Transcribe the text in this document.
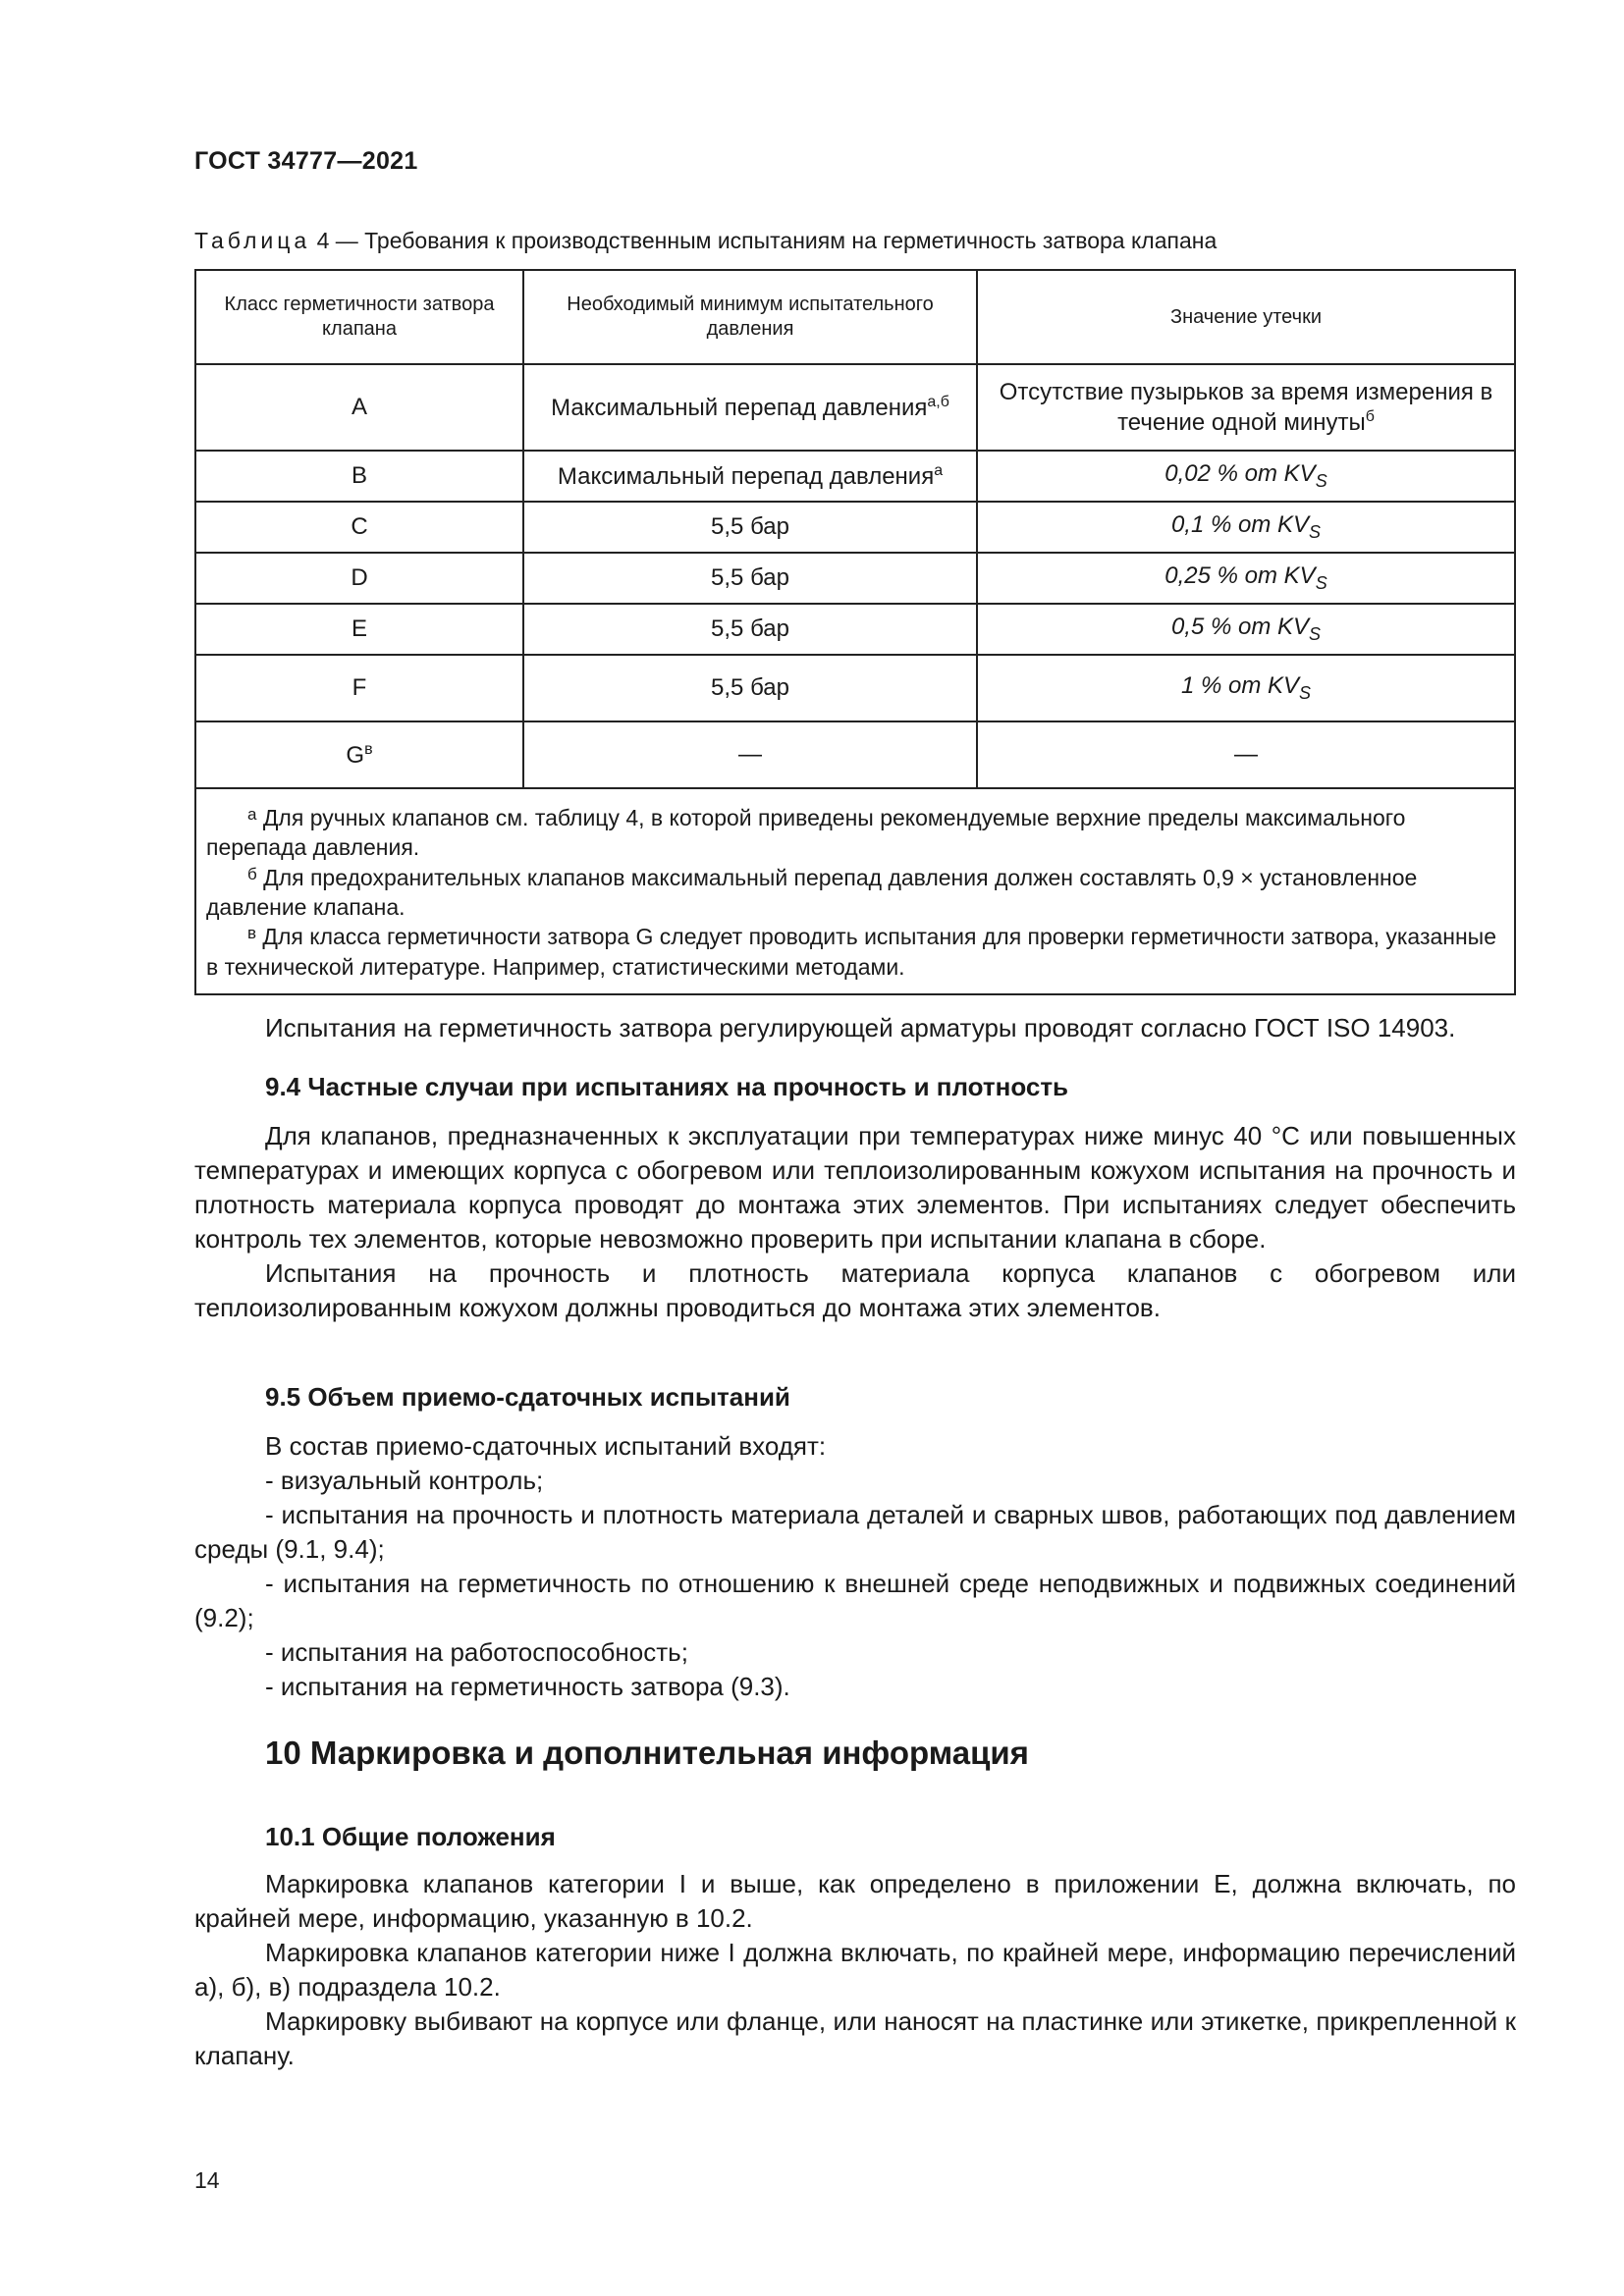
ГОСТ 34777—2021
Таблица 4 — Требования к производственным испытаниям на герметичность затвора клапана
Класс герметичности затвора клапана	Необходимый минимум испытательного давления	Значение утечки
A	Максимальный перепад давления$^{а,б}$	Отсутствие пузырьков за время измерения в течение одной минуты$^б$
B	Максимальный перепад давления$^а$	0,02 % от $KV_S$
C	5,5 бар	0,1 % от $KV_S$
D	5,5 бар	0,25 % от $KV_S$
E	5,5 бар	0,5 % от $KV_S$
F	5,5 бар	1 % от $KV_S$
$G^в$	—	—

$^а$ Для ручных клапанов см. таблицу 4, в которой приведены рекомендуемые верхние пределы максимального перепада давления.
$^б$ Для предохранительных клапанов максимальный перепад давления должен составлять 0,9 × установленное давление клапана.
$^в$ Для класса герметичности затвора G следует проводить испытания для проверки герметичности затвора, указанные в технической литературе. Например, статистическими методами.		

Испытания на герметичность затвора регулирующей арматуры проводят согласно ГОСТ ISO 14903.

9.4 Частные случаи при испытаниях на прочность и плотность

Для клапанов, предназначенных к эксплуатации при температурах ниже минус 40 °С или повышенных температурах и имеющих корпуса с обогревом или теплоизолированным кожухом испытания на прочность и плотность материала корпуса проводят до монтажа этих элементов. При испытаниях следует обеспечить контроль тех элементов, которые невозможно проверить при испытании клапана в сборе.

Испытания на прочность и плотность материала корпуса клапанов с обогревом или теплоизолированным кожухом должны проводиться до монтажа этих элементов.

9.5 Объем приемо-сдаточных испытаний

В состав приемо-сдаточных испытаний входят:

- визуальный контроль;

- испытания на прочность и плотность материала деталей и сварных швов, работающих под давлением среды (9.1, 9.4);

- испытания на герметичность по отношению к внешней среде неподвижных и подвижных соединений (9.2);

- испытания на работоспособность;

- испытания на герметичность затвора (9.3).

10 Маркировка и дополнительная информация

10.1 Общие положения

Маркировка клапанов категории I и выше, как определено в приложении Е, должна включать, по крайней мере, информацию, указанную в 10.2.

Маркировка клапанов категории ниже I должна включать, по крайней мере, информацию перечислений а), б), в) подраздела 10.2.

Маркировку выбивают на корпусе или фланце, или наносят на пластинке или этикетке, прикрепленной к клапану.

14
